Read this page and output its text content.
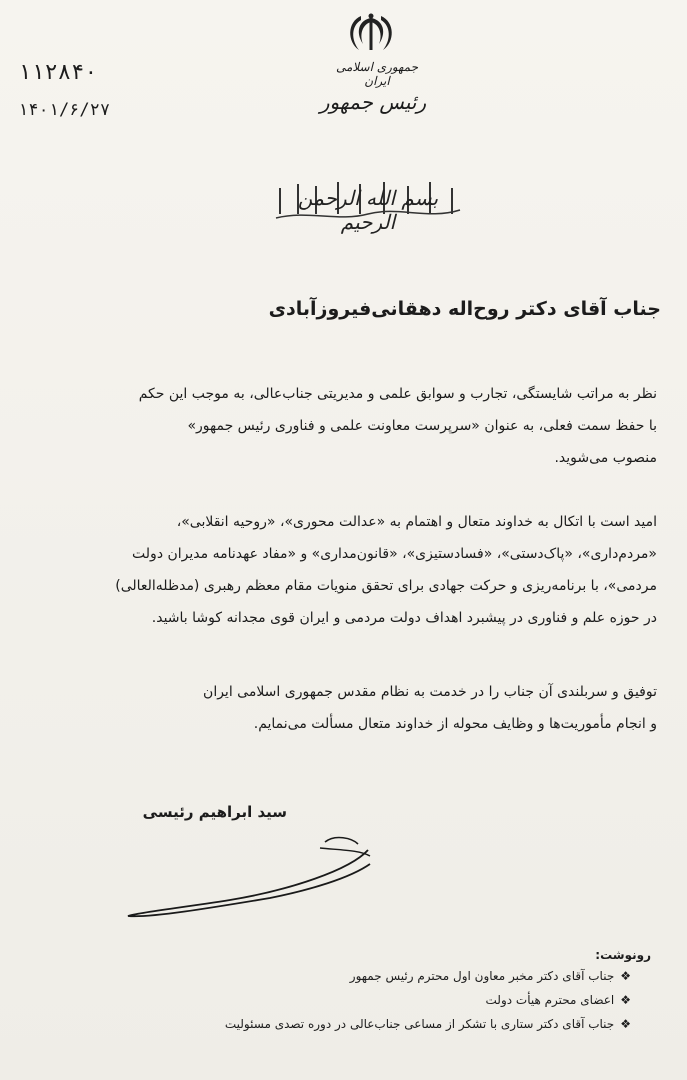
جمهوری اسلامی ایران
رئیس جمهور
۱۱۲۸۴۰
۱۴۰۱/۶/۲۷
بسم الله الرحمن الرحیم
جناب آقای دکتر روح‌اله دهقانی‌فیروزآبادی
نظر به مراتب شایستگی، تجارب و سوابق علمی و مدیریتی جناب‌عالی، به موجب این حکم
با حفظ سمت فعلی، به عنوان «سرپرست معاونت علمی و فناوری رئیس جمهور»
منصوب می‌شوید.
امید است با اتکال به خداوند متعال و اهتمام به «عدالت محوری»، «روحیه انقلابی»،
«مردم‌داری»، «پاک‌دستی»، «فسادستیزی»، «قانون‌مداری» و «مفاد عهدنامه مدیران دولت
مردمی»، با برنامه‌ریزی و حرکت جهادی برای تحقق منویات مقام معظم رهبری (مدظله‌العالی)
در حوزه علم و فناوری در پیشبرد اهداف دولت مردمی و ایران قوی مجدانه کوشا باشید.
توفیق و سربلندی آن جناب را در خدمت به نظام مقدس جمهوری اسلامی ایران
و انجام مأموریت‌ها و وظایف محوله از خداوند متعال مسألت می‌نمایم.
سید ابراهیم رئیسی
رونوشت:
❖جناب آقای دکتر مخبر معاون اول محترم رئیس جمهور
❖اعضای محترم هیأت دولت
❖جناب آقای دکتر ستاری با تشکر از مساعی جناب‌عالی در دوره تصدی مسئولیت
